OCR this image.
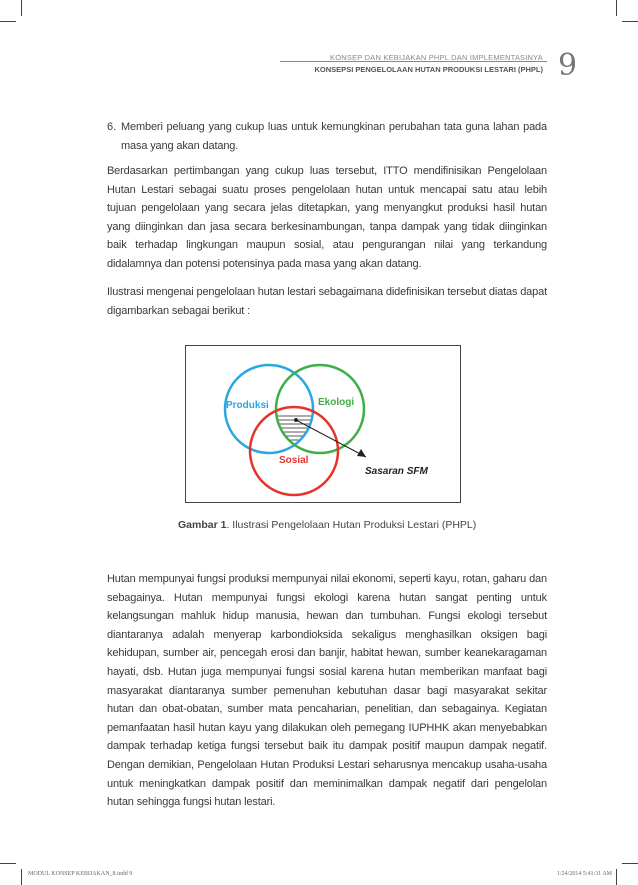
KONSEP DAN KEBIJAKAN PHPL DAN IMPLEMENTASINYA
KONSEPSI PENGELOLAAN HUTAN PRODUKSI LESTARI (PHPL) 9
6. Memberi peluang yang cukup luas untuk kemungkinan perubahan tata guna lahan pada masa yang akan datang.
Berdasarkan pertimbangan yang cukup luas tersebut, ITTO mendifinisikan Pengelolaan Hutan Lestari sebagai suatu proses pengelolaan hutan untuk mencapai satu atau lebih tujuan pengelolaan yang secara jelas ditetapkan, yang menyangkut produksi hasil hutan yang diinginkan dan jasa secara berkesinambungan, tanpa dampak yang tidak diinginkan baik terhadap lingkungan maupun sosial, atau pengurangan nilai yang terkandung didalamnya dan potensi potensinya pada masa yang akan datang.
Ilustrasi mengenai pengelolaan hutan lestari sebagaimana didefinisikan tersebut diatas dapat digambarkan sebagai berikut :
Produksi	Ekologi
Sosial
Sasaran SFM
Gambar 1. Ilustrasi Pengelolaan Hutan Produksi Lestari (PHPL)
Hutan mempunyai fungsi produksi mempunyai nilai ekonomi, seperti kayu, rotan, gaharu dan sebagainya. Hutan mempunyai fungsi ekologi karena hutan sangat penting untuk kelangsungan mahluk hidup manusia, hewan dan tumbuhan. Fungsi ekologi tersebut diantaranya adalah menyerap karbondioksida sekaligus menghasilkan oksigen bagi kehidupan, sumber air, pencegah erosi dan banjir, habitat hewan, sumber keanekaragaman hayati, dsb. Hutan juga mempunyai fungsi sosial karena hutan memberikan manfaat bagi masyarakat diantaranya sumber pemenuhan kebutuhan dasar bagi masyarakat sekitar hutan dan obat-obatan, sumber mata pencaharian, penelitian, dan sebagainya. Kegiatan pemanfaatan hasil hutan kayu yang dilakukan oleh pemegang IUPHHK akan menyebabkan dampak terhadap ketiga fungsi tersebut baik itu dampak positif maupun dampak negatif. Dengan demikian, Pengelolaan Hutan Produksi Lestari seharusnya mencakup usaha-usaha untuk meningkatkan dampak positif dan meminimalkan dampak negatif dari pengelolan hutan sehingga fungsi hutan lestari.
MODUL KONSEP KEBIJAKAN_8.indd 9	1/24/2014 5:41:31 AM
